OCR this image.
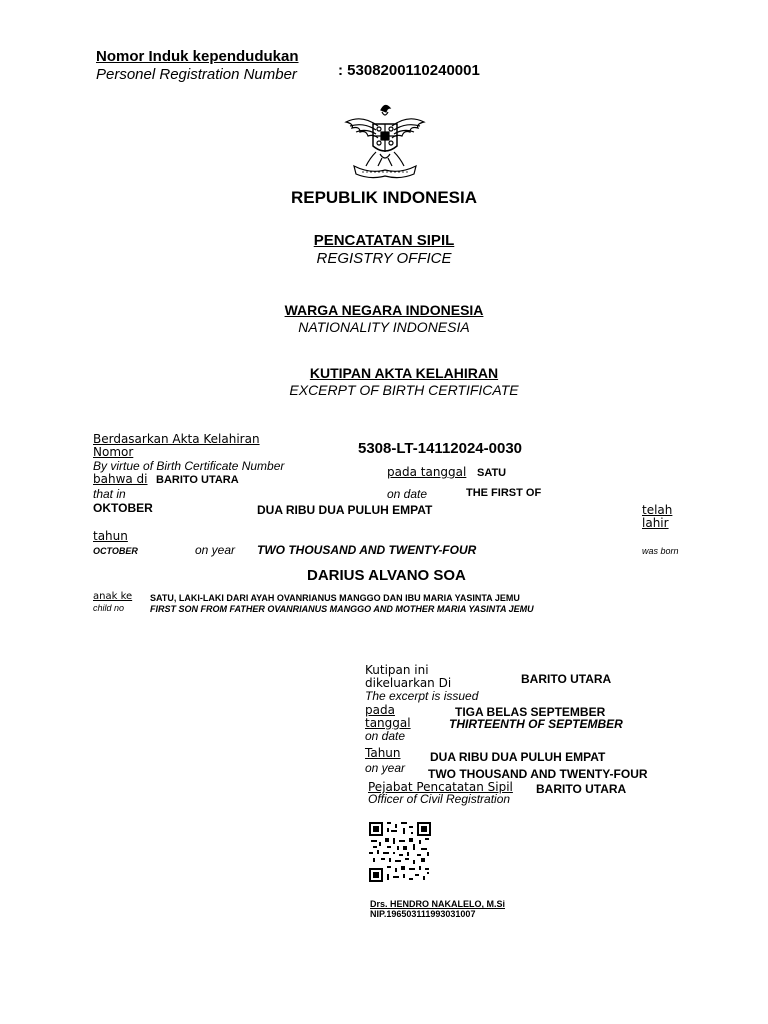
Nomor Induk kependudukan
Personel Registration Number	: 5308200110240001
REPUBLIK INDONESIA
PENCATATAN SIPIL
REGISTRY OFFICE
WARGA NEGARA INDONESIA
NATIONALITY INDONESIA
KUTIPAN AKTA KELAHIRAN
EXCERPT OF BIRTH CERTIFICATE
Berdasarkan Akta Kelahiran
Nomor	5308-LT-14112024-0030
By virtue of Birth Certificate Number
bahwa di BARITO UTARA
pada tanggal SATU
that in	on date	THE FIRST OF
OKTOBER	DUA RIBU DUA PULUH EMPAT	telah
lahir
tahun
OCTOBER	on year TWO THOUSAND AND TWENTY-FOUR	was born
DARIUS ALVANO SOA
anak ke SATU, LAKI-LAKI DARI AYAH OVANRIANUS MANGGO DAN IBU MARIA YASINTA JEMU
child no	FIRST SON FROM FATHER OVANRIANUS MANGGO AND MOTHER MARIA YASINTA JEMU
Kutipan ini
dikeluarkan Di	BARITO UTARA
The excerpt is issued
pada
tanggal
TIGA BELAS SEPTEMBER
THIRTEENTH OF SEPTEMBER
on date
Tahun DUA RIBU DUA PULUH EMPAT
on year TWO THOUSAND AND TWENTY-FOUR
Pejabat Pencatatan Sipil BARITO UTARA
Officer of Civil Registration
Drs. HENDRO NAKALELO, M.Si
NIP.196503111993031007
